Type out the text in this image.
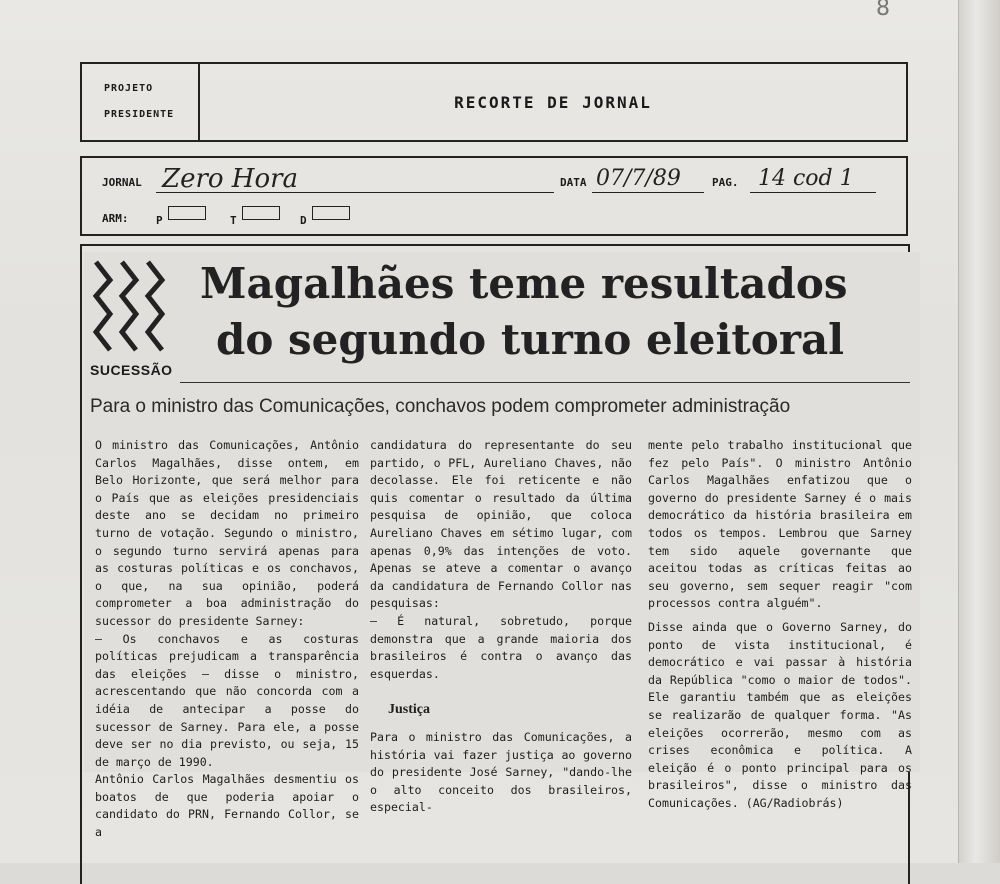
8
PROJETO
PRESIDENTE
RECORTE DE JORNAL
JORNAL Zero Hora	DATA 07/7/89	PAG. 14 cod 1
ARM:	P	T	D
SUCESSÃO
Magalhães teme resultados
do segundo turno eleitoral
Para o ministro das Comunicações, conchavos podem comprometer administração

O ministro das Comunicações, Antônio Carlos Magalhães, disse ontem, em Belo Horizonte, que será melhor para o País que as eleições presidenciais deste ano se decidam no primeiro turno de votação. Segundo o ministro, o segundo turno servirá apenas para as costuras políticas e os conchavos, o que, na sua opinião, poderá comprometer a boa administração do sucessor do presidente Sarney:

— Os conchavos e as costuras políticas prejudicam a transparência das eleições — disse o ministro, acrescentando que não concorda com a idéia de antecipar a posse do sucessor de Sarney. Para ele, a posse deve ser no dia previsto, ou seja, 15 de março de 1990.

Antônio Carlos Magalhães desmentiu os boatos de que poderia apoiar o candidato do PRN, Fernando Collor, se a

candidatura do representante do seu partido, o PFL, Aureliano Chaves, não decolasse. Ele foi reticente e não quis comentar o resultado da última pesquisa de opinião, que coloca Aureliano Chaves em sétimo lugar, com apenas 0,9% das intenções de voto. Apenas se ateve a comentar o avanço da candidatura de Fernando Collor nas pesquisas:

— É natural, sobretudo, porque demonstra que a grande maioria dos brasileiros é contra o avanço das esquerdas.

Justiça

Para o ministro das Comunicações, a história vai fazer justiça ao governo do presidente José Sarney, "dando-lhe o alto conceito dos brasileiros, especial-

mente pelo trabalho institucional que fez pelo País". O ministro Antônio Carlos Magalhães enfatizou que o governo do presidente Sarney é o mais democrático da história brasileira em todos os tempos. Lembrou que Sarney tem sido aquele governante que aceitou todas as críticas feitas ao seu governo, sem sequer reagir "com processos contra alguém".

Disse ainda que o Governo Sarney, do ponto de vista institucional, é democrático e vai passar à história da República "como o maior de todos". Ele garantiu também que as eleições se realizarão de qualquer forma. "As eleições ocorrerão, mesmo com as crises econômica e política. A eleição é o ponto principal para os brasileiros", disse o ministro das Comunicações. (AG/Radiobrás)
